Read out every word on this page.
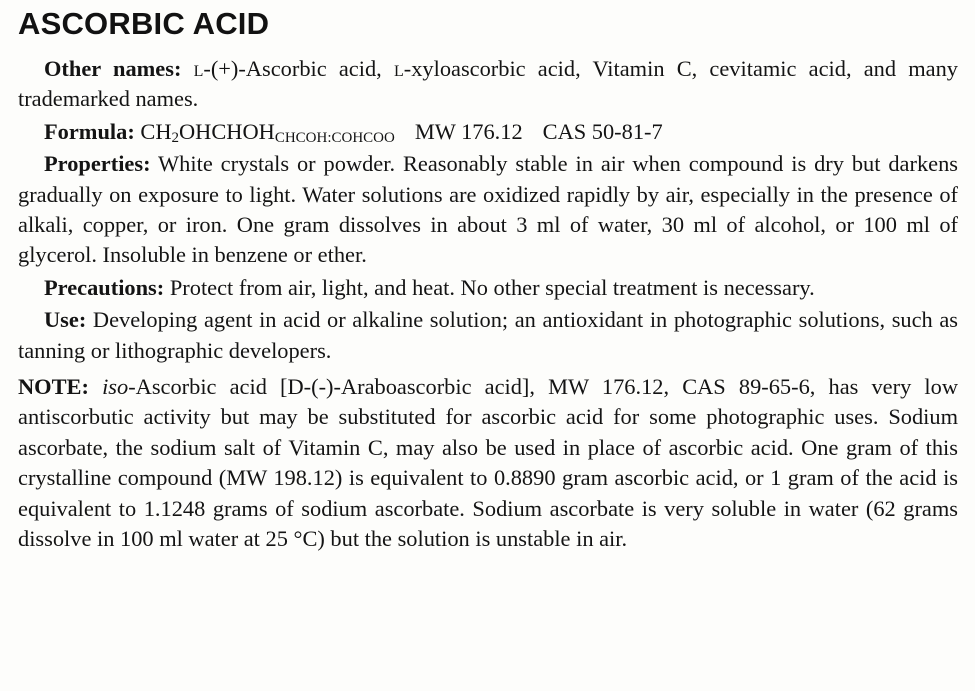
ASCORBIC ACID

Other names: l-(+)-Ascorbic acid, l-xyloascorbic acid, Vitamin C, cevitamic acid, and many trademarked names.

Formula: $CH_2OHCHOH_{CHCOH:COHCOO}$ MW 176.12 CAS 50-81-7

Properties: White crystals or powder. Reasonably stable in air when compound is dry but darkens gradually on exposure to light. Water solutions are oxidized rapidly by air, especially in the presence of alkali, copper, or iron. One gram dissolves in about 3 ml of water, 30 ml of alcohol, or 100 ml of glycerol. Insoluble in benzene or ether.

Precautions: Protect from air, light, and heat. No other special treatment is necessary.

Use: Developing agent in acid or alkaline solution; an antioxidant in photographic solutions, such as tanning or lithographic developers.

NOTE: iso-Ascorbic acid [D-(-)-Araboascorbic acid], MW 176.12, CAS 89-65-6, has very low antiscorbutic activity but may be substituted for ascorbic acid for some photographic uses. Sodium ascorbate, the sodium salt of Vitamin C, may also be used in place of ascorbic acid. One gram of this crystalline compound (MW 198.12) is equivalent to 0.8890 gram ascorbic acid, or 1 gram of the acid is equivalent to 1.1248 grams of sodium ascorbate. Sodium ascorbate is very soluble in water (62 grams dissolve in 100 ml water at 25 °C) but the solution is unstable in air.
